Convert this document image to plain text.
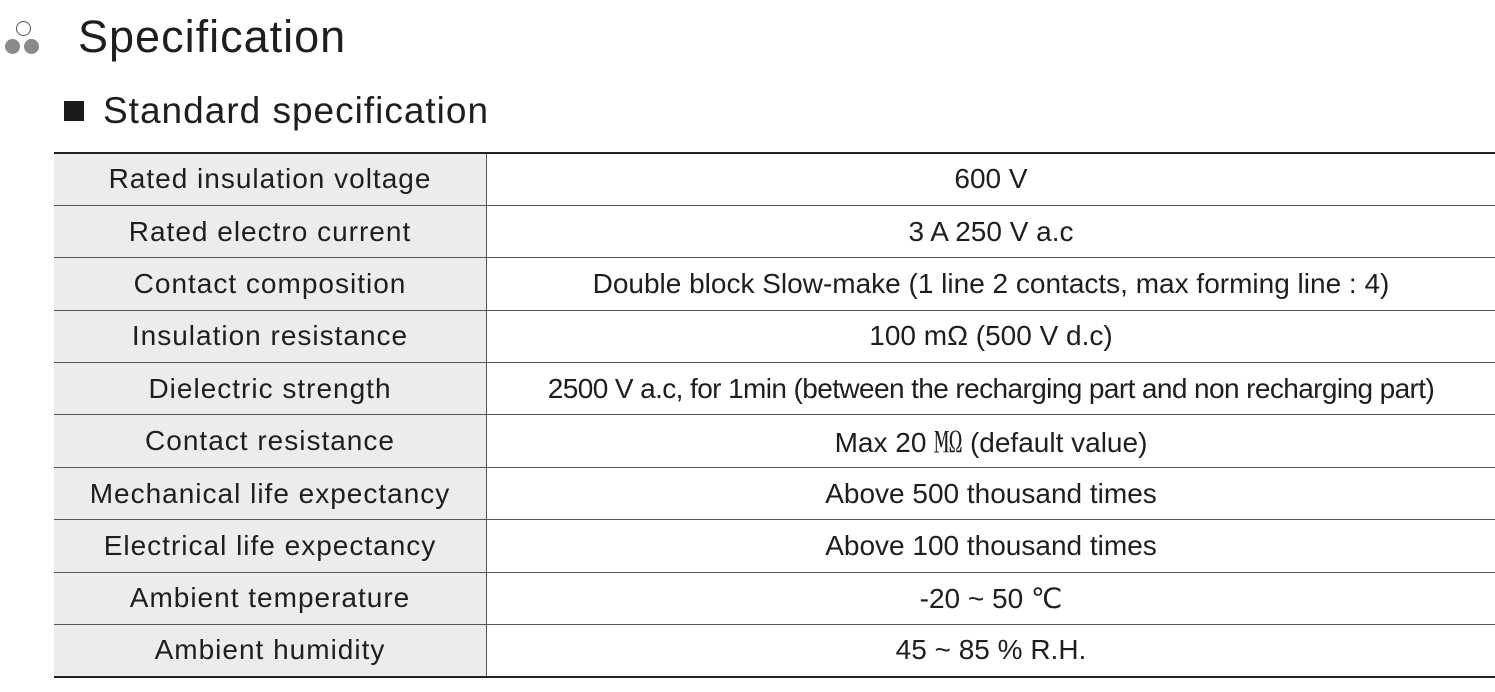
Specification
Standard specification
Rated insulation voltage	600 V
Rated electro current	3 A 250 V a.c
Contact composition	Double block Slow-make (1 line 2 contacts, max forming line : 4)
Insulation resistance	100 mΩ (500 V d.c)
Dielectric strength	2500 V a.c, for 1min (between the recharging part and non recharging part)
Contact resistance	Max 20 ㏁ (default value)
Mechanical life expectancy	Above 500 thousand times
Electrical life expectancy	Above 100 thousand times
Ambient temperature	-20 ~ 50 ℃
Ambient humidity	45 ~ 85 % R.H.
